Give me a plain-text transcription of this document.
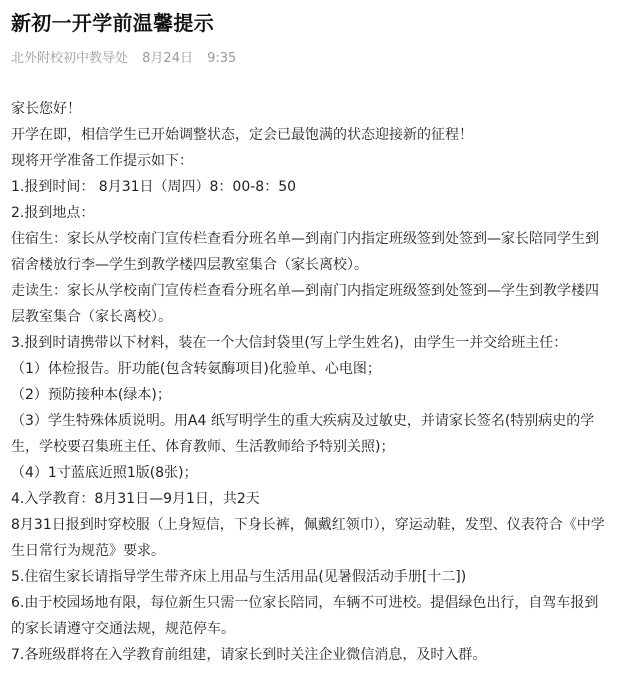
新初一开学前温馨提示
北外附校初中教导处 8月24日 9:35

家长您好！

开学在即，相信学生已开始调整状态，定会已最饱满的状态迎接新的征程！

现将开学准备工作提示如下：

1.报到时间： 8月31日（周四）8：00-8：50

2.报到地点：

住宿生：家长从学校南门宣传栏查看分班名单—到南门内指定班级签到处签到—家长陪同学生到宿舍楼放行李—学生到教学楼四层教室集合（家长离校）。

走读生：家长从学校南门宣传栏查看分班名单—到南门内指定班级签到处签到—学生到教学楼四层教室集合（家长离校）。

3.报到时请携带以下材料，装在一个大信封袋里(写上学生姓名)，由学生一并交给班主任：

（1）体检报告。肝功能(包含转氨酶项目)化验单、心电图；

（2）预防接种本(绿本)；

（3）学生特殊体质说明。用A4 纸写明学生的重大疾病及过敏史，并请家长签名(特别病史的学生，学校要召集班主任、体育教师、生活教师给予特别关照)；

（4）1寸蓝底近照1版(8张)；

4.入学教育：8月31日—9月1日，共2天

8月31日报到时穿校服（上身短信，下身长裤，佩戴红领巾），穿运动鞋，发型、仪表符合《中学生日常行为规范》要求。

5.住宿生家长请指导学生带齐床上用品与生活用品(见暑假活动手册[十二])

6.由于校园场地有限，每位新生只需一位家长陪同，车辆不可进校。提倡绿色出行，自驾车报到的家长请遵守交通法规，规范停车。

7.各班级群将在入学教育前组建，请家长到时关注企业微信消息，及时入群。
